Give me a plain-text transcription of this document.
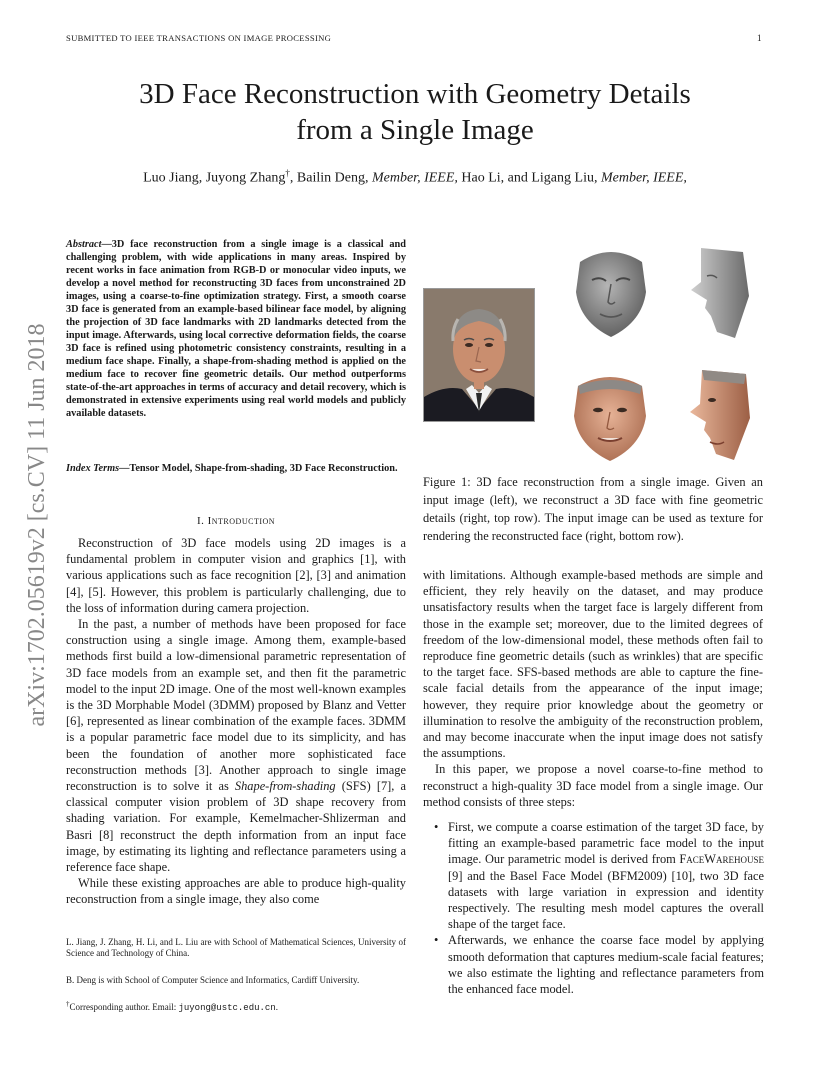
SUBMITTED TO IEEE TRANSACTIONS ON IMAGE PROCESSING	1
3D Face Reconstruction with Geometry Details
from a Single Image
Luo Jiang, Juyong Zhang†, Bailin Deng, Member, IEEE, Hao Li, and Ligang Liu, Member, IEEE,
arXiv:1702.05619v2 [cs.CV] 11 Jun 2018
Abstract—3D face reconstruction from a single image is a classical and challenging problem, with wide applications in many areas. Inspired by recent works in face animation from RGB-D or monocular video inputs, we develop a novel method for reconstructing 3D faces from unconstrained 2D images, using a coarse-to-fine optimization strategy. First, a smooth coarse 3D face is generated from an example-based bilinear face model, by aligning the projection of 3D face landmarks with 2D landmarks detected from the input image. Afterwards, using local corrective deformation fields, the coarse 3D face is refined using photometric consistency constraints, resulting in a medium face shape. Finally, a shape-from-shading method is applied on the medium face to recover fine geometric details. Our method outperforms state-of-the-art approaches in terms of accuracy and detail recovery, which is demonstrated in extensive experiments using real world models and publicly available datasets.
Index Terms—Tensor Model, Shape-from-shading, 3D Face Reconstruction.
I. Introduction

Reconstruction of 3D face models using 2D images is a fundamental problem in computer vision and graphics [1], with various applications such as face recognition [2], [3] and animation [4], [5]. However, this problem is particularly challenging, due to the loss of information during camera projection.

In the past, a number of methods have been proposed for face construction using a single image. Among them, example-based methods first build a low-dimensional parametric representation of 3D face models from an example set, and then fit the parametric model to the input 2D image. One of the most well-known examples is the 3D Morphable Model (3DMM) proposed by Blanz and Vetter [6], represented as linear combination of the example faces. 3DMM is a popular parametric face model due to its simplicity, and has been the foundation of another more sophisticated face reconstruction methods [3]. Another approach to single image reconstruction is to solve it as Shape-from-shading (SFS) [7], a classical computer vision problem of 3D shape recovery from shading variation. For example, Kemelmacher-Shlizerman and Basri [8] reconstruct the depth information from an input face image, by estimating its lighting and reflectance parameters using a reference face shape.

While these existing approaches are able to produce high-quality reconstruction from a single image, they also come

L. Jiang, J. Zhang, H. Li, and L. Liu are with School of Mathematical Sciences, University of Science and Technology of China.
B. Deng is with School of Computer Science and Informatics, Cardiff University.
†Corresponding author. Email: juyong@ustc.edu.cn.
Figure 1: 3D face reconstruction from a single image. Given an input image (left), we reconstruct a 3D face with fine geometric details (right, top row). The input image can be used as texture for rendering the reconstructed face (right, bottom row).

with limitations. Although example-based methods are simple and efficient, they rely heavily on the dataset, and may produce unsatisfactory results when the target face is largely different from those in the example set; moreover, due to the limited degrees of freedom of the low-dimensional model, these methods often fail to reproduce fine geometric details (such as wrinkles) that are specific to the target face. SFS-based methods are able to capture the fine-scale facial details from the appearance of the input image; however, they require prior knowledge about the geometry or illumination to resolve the ambiguity of the reconstruction problem, and may become inaccurate when the input image does not satisfy the assumptions.

In this paper, we propose a novel coarse-to-fine method to reconstruct a high-quality 3D face model from a single image. Our method consists of three steps:

• First, we compute a coarse estimation of the target 3D face, by fitting an example-based parametric face model to the input image. Our parametric model is derived from FaceWarehouse [9] and the Basel Face Model (BFM2009) [10], two 3D face datasets with large variation in expression and identity respectively. The resulting mesh model captures the overall shape of the target face.
• Afterwards, we enhance the coarse face model by applying smooth deformation that captures medium-scale facial features; we also estimate the lighting and reflectance parameters from the enhanced face model.
